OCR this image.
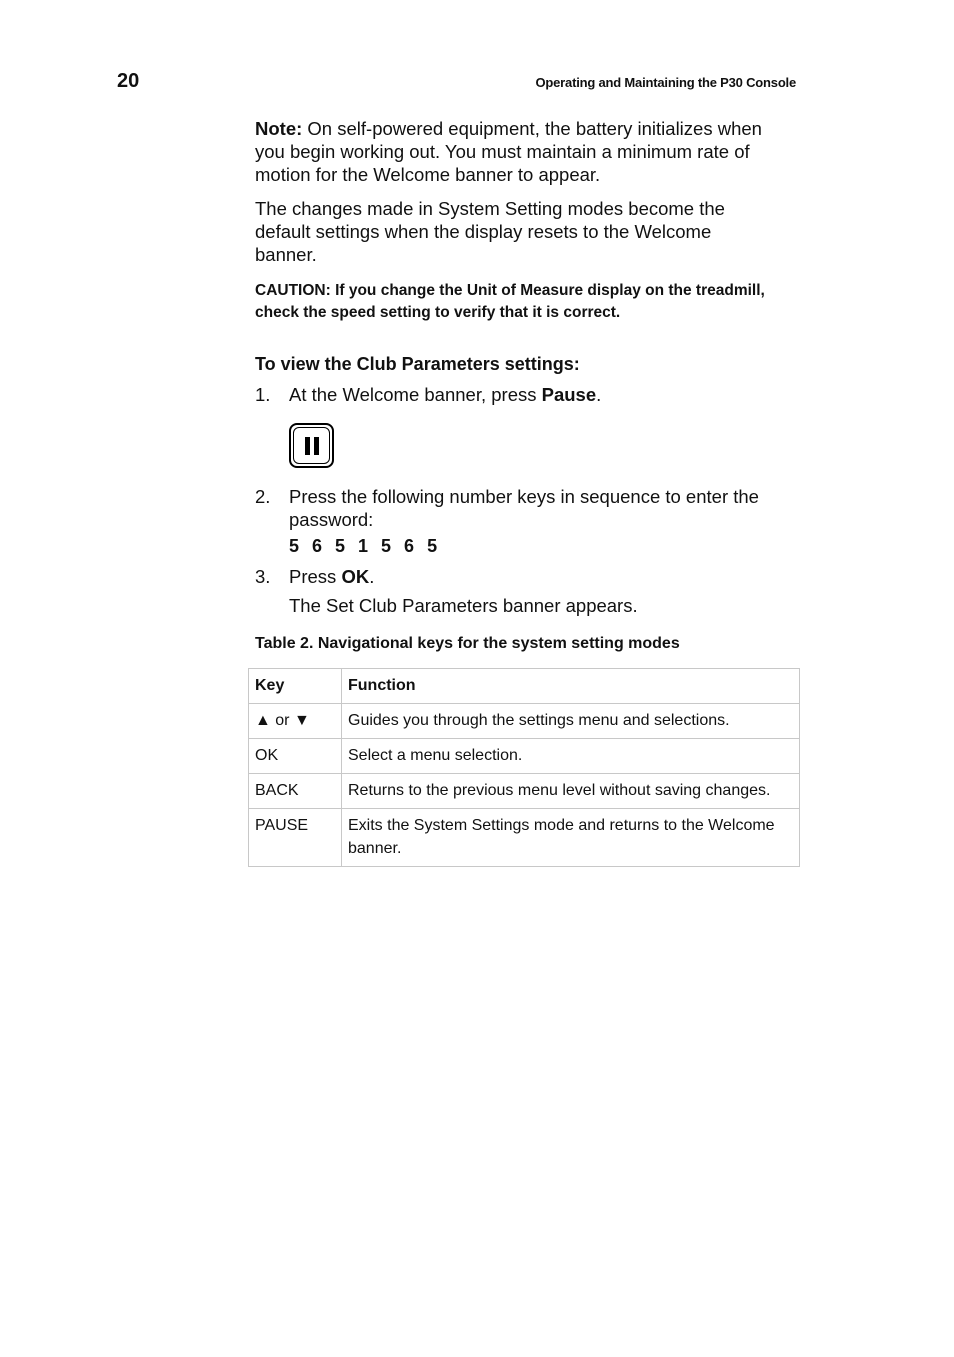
20	Operating and Maintaining the P30 Console
Note: On self-powered equipment, the battery initializes when you begin working out. You must maintain a minimum rate of motion for the Welcome banner to appear.
The changes made in System Setting modes become the default settings when the display resets to the Welcome banner.
CAUTION: If you change the Unit of Measure display on the treadmill, check the speed setting to verify that it is correct.
To view the Club Parameters settings:
1. At the Welcome banner, press Pause.
2. Press the following number keys in sequence to enter the password:
5 6 5 1 5 6 5
3. Press OK.
The Set Club Parameters banner appears.
Table 2. Navigational keys for the system setting modes
Key	Function
▲ or ▼	Guides you through the settings menu and selections.
OK	Select a menu selection.
BACK	Returns to the previous menu level without saving changes.
PAUSE	Exits the System Settings mode and returns to the Welcome banner.
